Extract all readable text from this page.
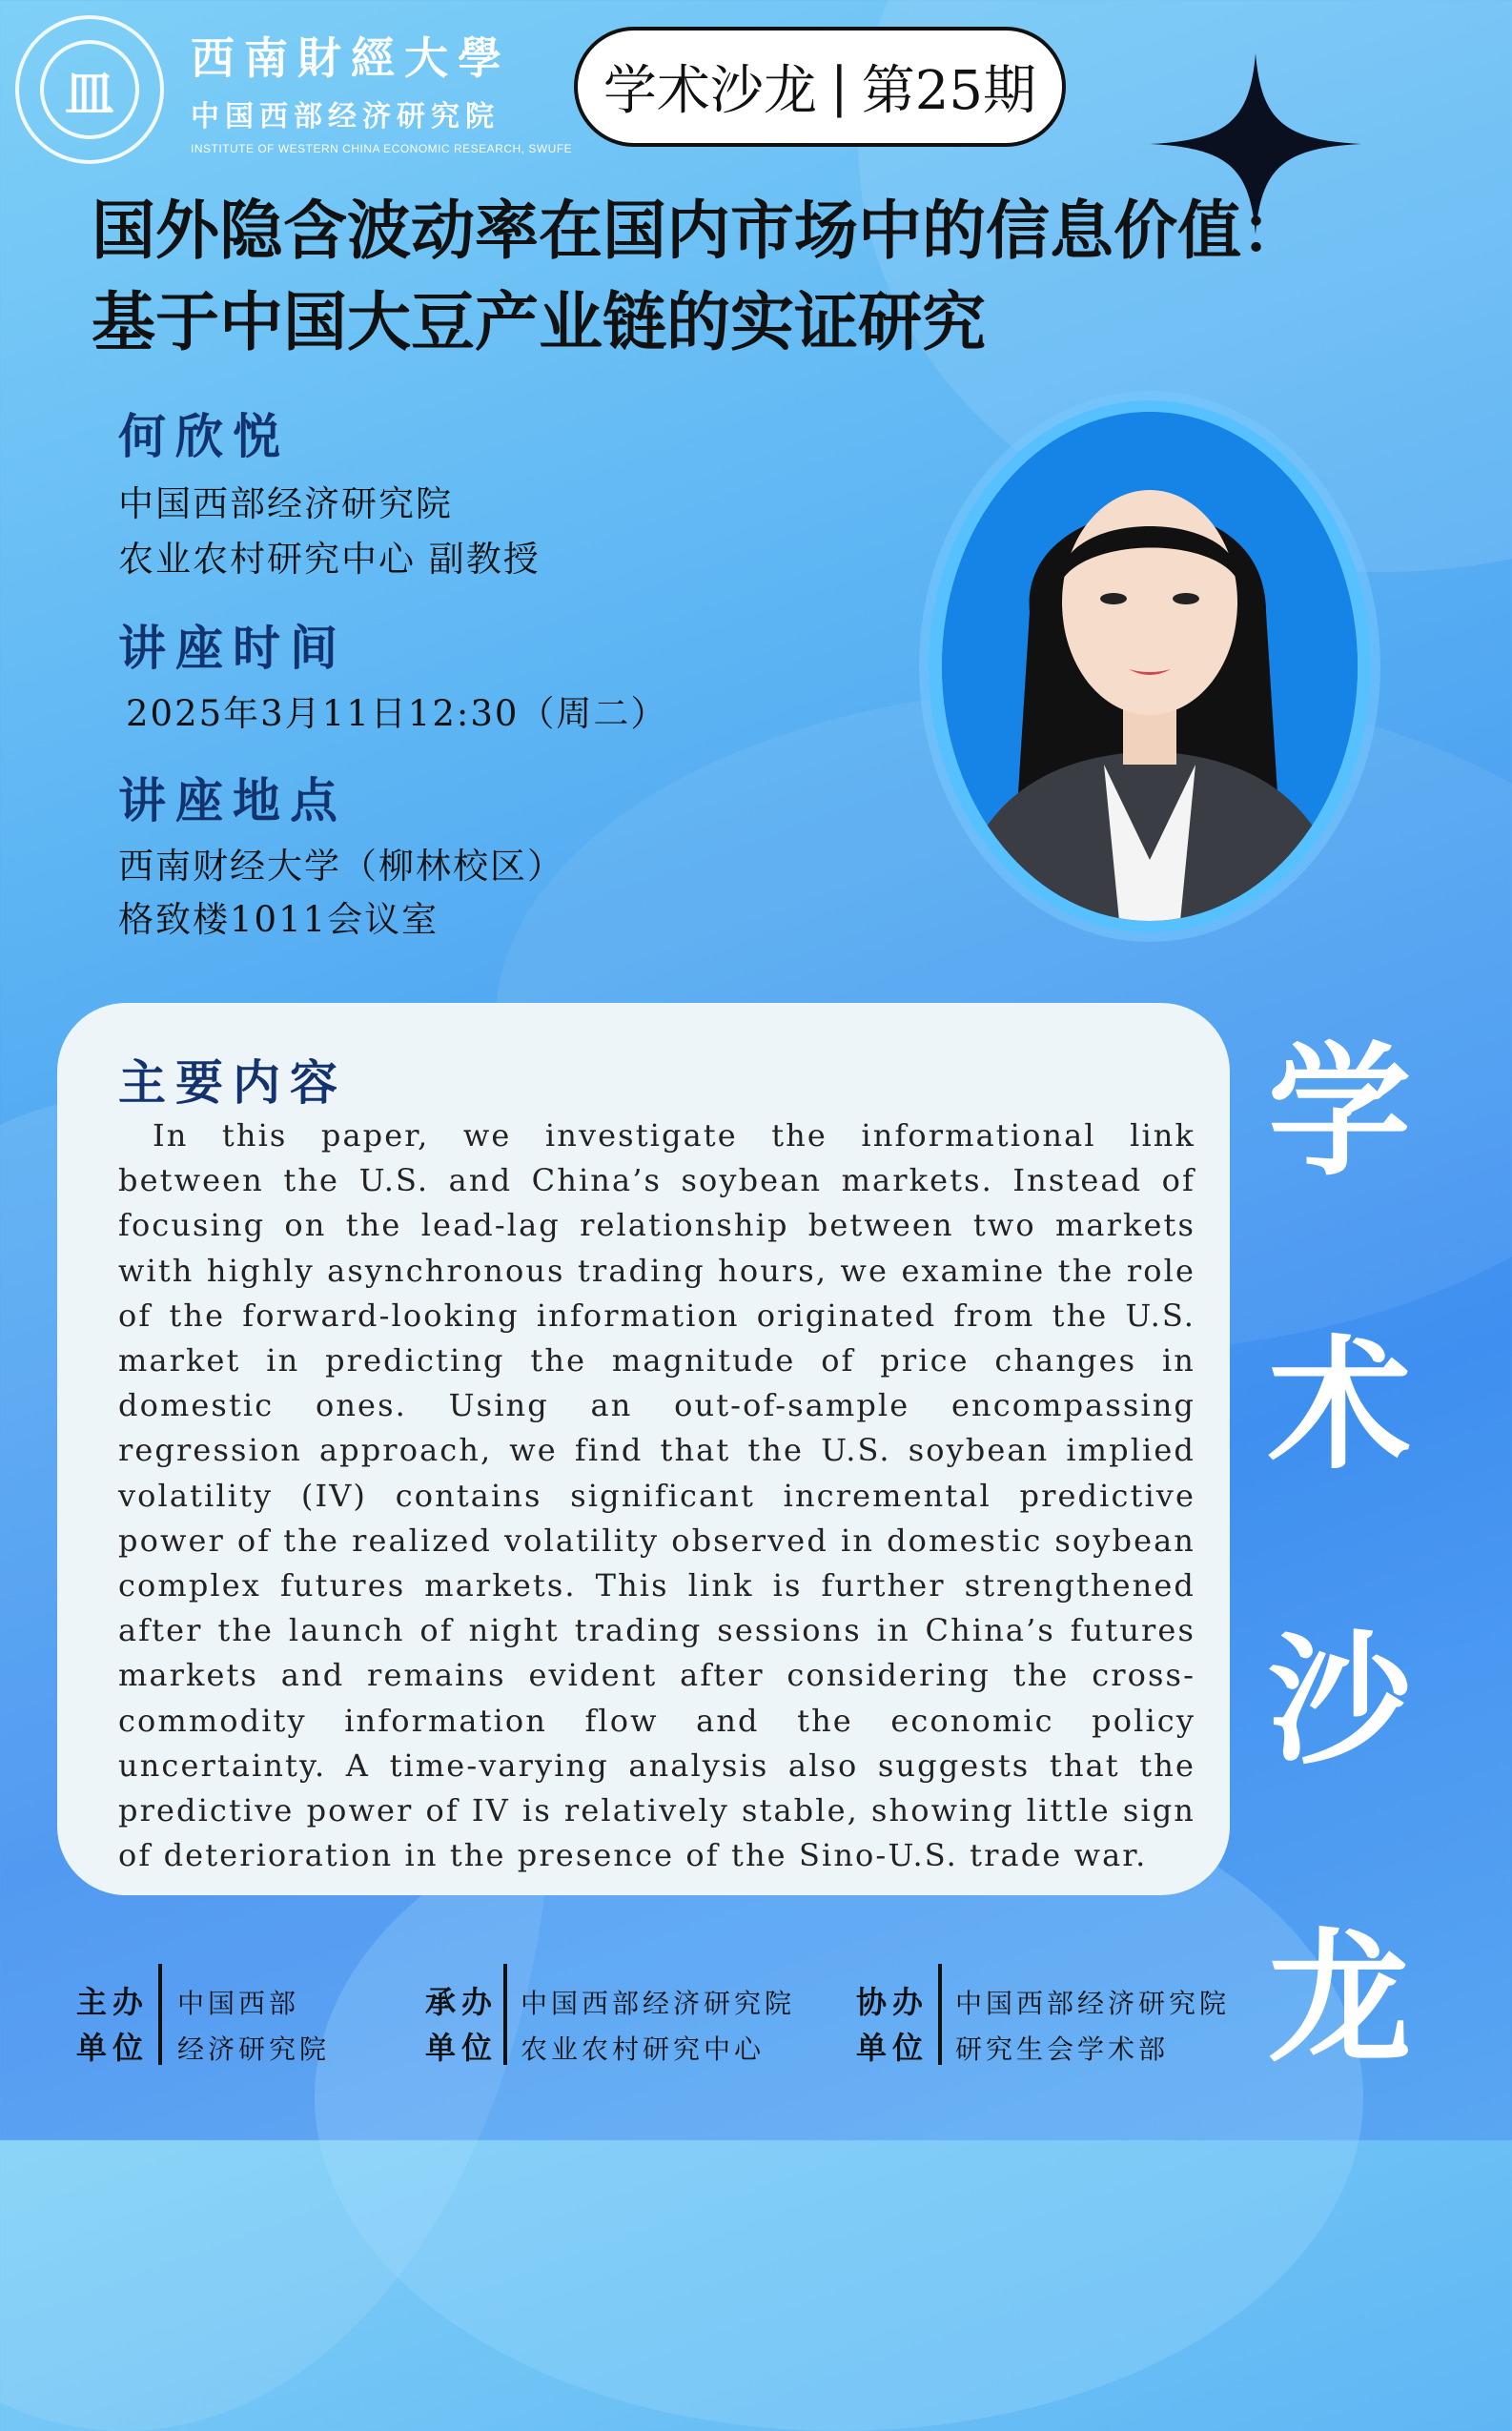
皿
西南財經大學
中国西部经济研究院
INSTITUTE OF WESTERN CHINA ECONOMIC RESEARCH, SWUFE
学术沙龙 | 第25期
国外隐含波动率在国内市场中的信息价值：
基于中国大豆产业链的实证研究
何欣悦
中国西部经济研究院
农业农村研究中心 副教授
讲座时间
2025年3月11日12:30（周二）
讲座地点
西南财经大学（柳林校区）
格致楼1011会议室
主要内容

In this paper, we investigate the informational link between the U.S. and China’s soybean markets. Instead of focusing on the lead-lag relationship between two markets with highly asynchronous trading hours, we examine the role of the forward-looking information originated from the U.S. market in predicting the magnitude of price changes in domestic ones. Using an out-of-sample encompassing regression approach, we find that the U.S. soybean implied volatility (IV) contains significant incremental predictive power of the realized volatility observed in domestic soybean complex futures markets. This link is further strengthened after the launch of night trading sessions in China’s futures markets and remains evident after considering the cross-commodity information flow and the economic policy uncertainty. A time-varying analysis also suggests that the predictive power of IV is relatively stable, showing little sign of deterioration in the presence of the Sino-U.S. trade war.

学
术
沙
龙
主办
单位
中国西部
经济研究院
承办
单位
中国西部经济研究院
农业农村研究中心
协办
单位
中国西部经济研究院
研究生会学术部
